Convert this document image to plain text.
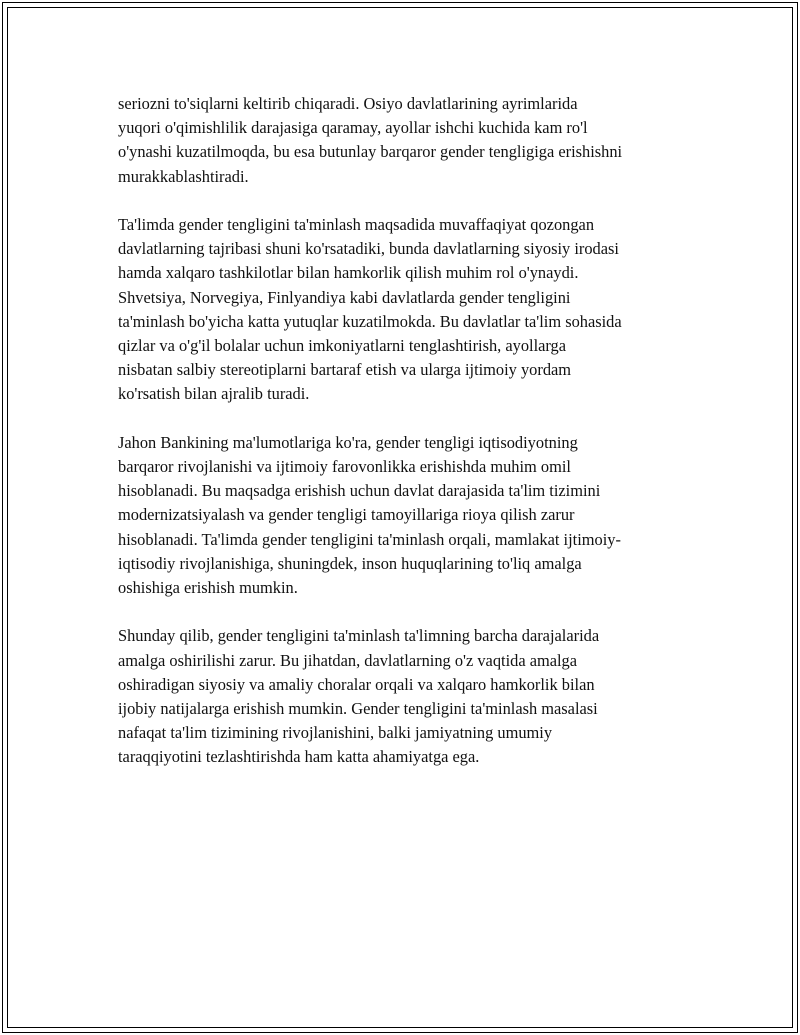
seriozni to'siqlarni keltirib chiqaradi. Osiyo davlatlarining ayrimlarida
yuqori o'qimishlilik darajasiga qaramay, ayollar ishchi kuchida kam ro'l
o'ynashi kuzatilmoqda, bu esa butunlay barqaror gender tengligiga erishishni
murakkablashtiradi.

Ta'limda gender tengligini ta'minlash maqsadida muvaffaqiyat qozongan
davlatlarning tajribasi shuni ko'rsatadiki, bunda davlatlarning siyosiy irodasi
hamda xalqaro tashkilotlar bilan hamkorlik qilish muhim rol o'ynaydi.
Shvetsiya, Norvegiya, Finlyandiya kabi davlatlarda gender tengligini
ta'minlash bo'yicha katta yutuqlar kuzatilmokda. Bu davlatlar ta'lim sohasida
qizlar va o'g'il bolalar uchun imkoniyatlarni tenglashtirish, ayollarga
nisbatan salbiy stereotiplarni bartaraf etish va ularga ijtimoiy yordam
ko'rsatish bilan ajralib turadi.

Jahon Bankining ma'lumotlariga ko'ra, gender tengligi iqtisodiyotning
barqaror rivojlanishi va ijtimoiy farovonlikka erishishda muhim omil
hisoblanadi. Bu maqsadga erishish uchun davlat darajasida ta'lim tizimini
modernizatsiyalash va gender tengligi tamoyillariga rioya qilish zarur
hisoblanadi. Ta'limda gender tengligini ta'minlash orqali, mamlakat ijtimoiy-
iqtisodiy rivojlanishiga, shuningdek, inson huquqlarining to'liq amalga
oshishiga erishish mumkin.

Shunday qilib, gender tengligini ta'minlash ta'limning barcha darajalarida
amalga oshirilishi zarur. Bu jihatdan, davlatlarning o'z vaqtida amalga
oshiradigan siyosiy va amaliy choralar orqali va xalqaro hamkorlik bilan
ijobiy natijalarga erishish mumkin. Gender tengligini ta'minlash masalasi
nafaqat ta'lim tizimining rivojlanishini, balki jamiyatning umumiy
taraqqiyotini tezlashtirishda ham katta ahamiyatga ega.
